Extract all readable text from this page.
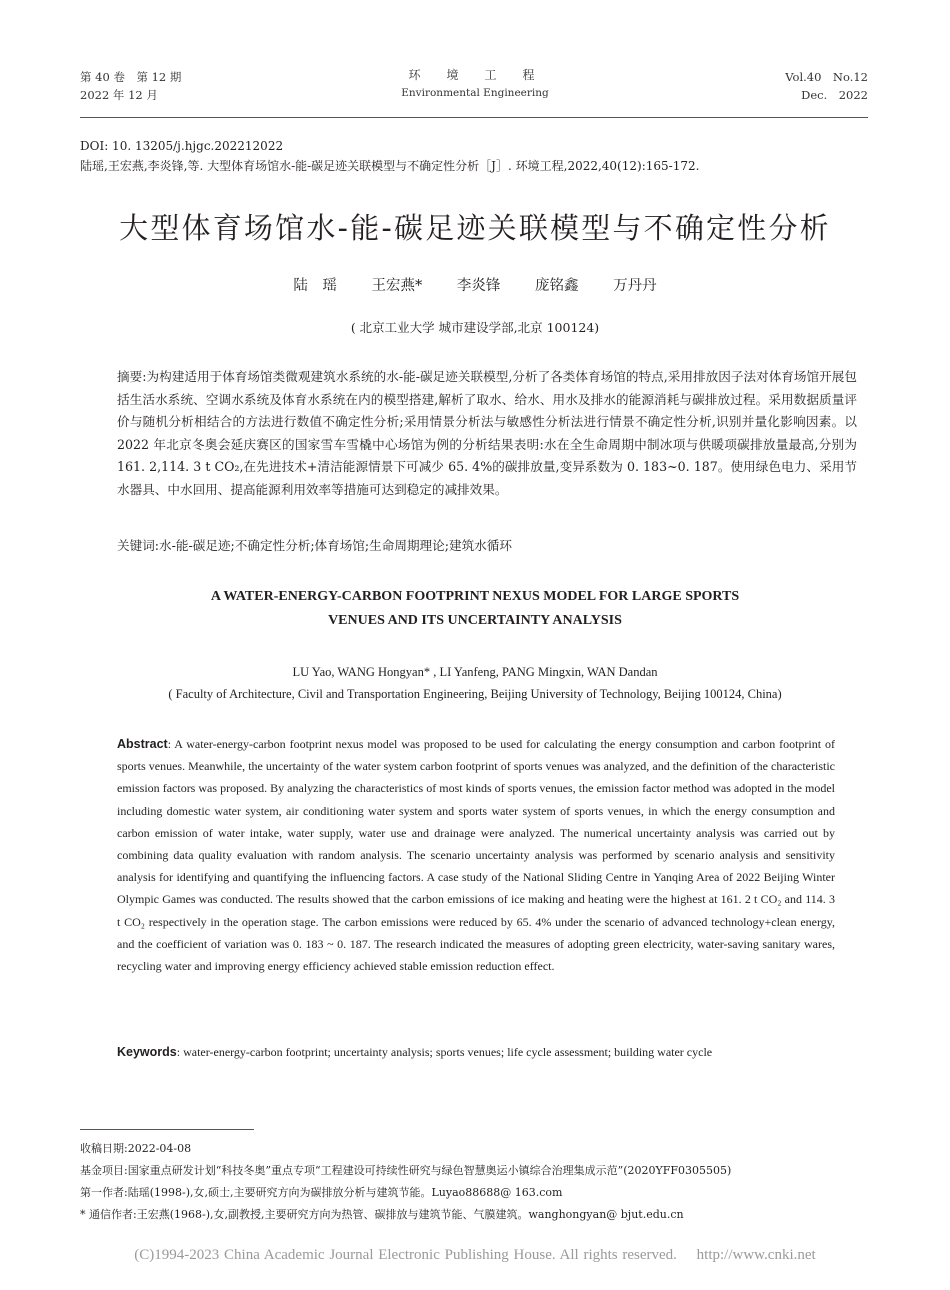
第 40 卷　第 12 期
2022 年 12 月
环　境　工　程
Environmental Engineering
Vol.40　No.12
Dec.　2022
DOI: 10. 13205/j.hjgc.202212022
陆瑶,王宏燕,李炎锋,等. 大型体育场馆水-能-碳足迹关联模型与不确定性分析［J］. 环境工程,2022,40(12):165-172.
大型体育场馆水-能-碳足迹关联模型与不确定性分析
陆　瑶 王宏燕* 李炎锋 庞铭鑫 万丹丹
( 北京工业大学 城市建设学部,北京 100124)
摘要:为构建适用于体育场馆类微观建筑水系统的水-能-碳足迹关联模型,分析了各类体育场馆的特点,采用排放因子法对体育场馆开展包括生活水系统、空调水系统及体育水系统在内的模型搭建,解析了取水、给水、用水及排水的能源消耗与碳排放过程。采用数据质量评价与随机分析相结合的方法进行数值不确定性分析;采用情景分析法与敏感性分析法进行情景不确定性分析,识别并量化影响因素。以 2022 年北京冬奥会延庆赛区的国家雪车雪橇中心场馆为例的分析结果表明:水在全生命周期中制冰项与供暖项碳排放量最高,分别为 161. 2,114. 3 t CO₂,在先进技术+清洁能源情景下可减少 65. 4%的碳排放量,变异系数为 0. 183~0. 187。使用绿色电力、采用节水器具、中水回用、提高能源利用效率等措施可达到稳定的减排效果。
关键词:水-能-碳足迹;不确定性分析;体育场馆;生命周期理论;建筑水循环
A WATER-ENERGY-CARBON FOOTPRINT NEXUS MODEL FOR LARGE SPORTS
VENUES AND ITS UNCERTAINTY ANALYSIS
LU Yao, WANG Hongyan* , LI Yanfeng, PANG Mingxin, WAN Dandan
( Faculty of Architecture, Civil and Transportation Engineering, Beijing University of Technology, Beijing 100124, China)
Abstract: A water-energy-carbon footprint nexus model was proposed to be used for calculating the energy consumption and carbon footprint of sports venues. Meanwhile, the uncertainty of the water system carbon footprint of sports venues was analyzed, and the definition of the characteristic emission factors was proposed. By analyzing the characteristics of most kinds of sports venues, the emission factor method was adopted in the model including domestic water system, air conditioning water system and sports water system of sports venues, in which the energy consumption and carbon emission of water intake, water supply, water use and drainage were analyzed. The numerical uncertainty analysis was carried out by combining data quality evaluation with random analysis. The scenario uncertainty analysis was performed by scenario analysis and sensitivity analysis for identifying and quantifying the influencing factors. A case study of the National Sliding Centre in Yanqing Area of 2022 Beijing Winter Olympic Games was conducted. The results showed that the carbon emissions of ice making and heating were the highest at 161. 2 t CO₂ and 114. 3 t CO₂ respectively in the operation stage. The carbon emissions were reduced by 65. 4% under the scenario of advanced technology+clean energy, and the coefficient of variation was 0. 183 ~ 0. 187. The research indicated the measures of adopting green electricity, water-saving sanitary wares, recycling water and improving energy efficiency achieved stable emission reduction effect.
Keywords: water-energy-carbon footprint; uncertainty analysis; sports venues; life cycle assessment; building water cycle
收稿日期:2022-04-08
基金项目:国家重点研发计划“科技冬奥”重点专项“工程建设可持续性研究与绿色智慧奥运小镇综合治理集成示范”(2020YFF0305505)
第一作者:陆瑶(1998-),女,硕士,主要研究方向为碳排放分析与建筑节能。Luyao88688@ 163.com
* 通信作者:王宏燕(1968-),女,副教授,主要研究方向为热管、碳排放与建筑节能、气膜建筑。wanghongyan@ bjut.edu.cn
(C)1994-2023 China Academic Journal Electronic Publishing House. All rights reserved.　 http://www.cnki.net
